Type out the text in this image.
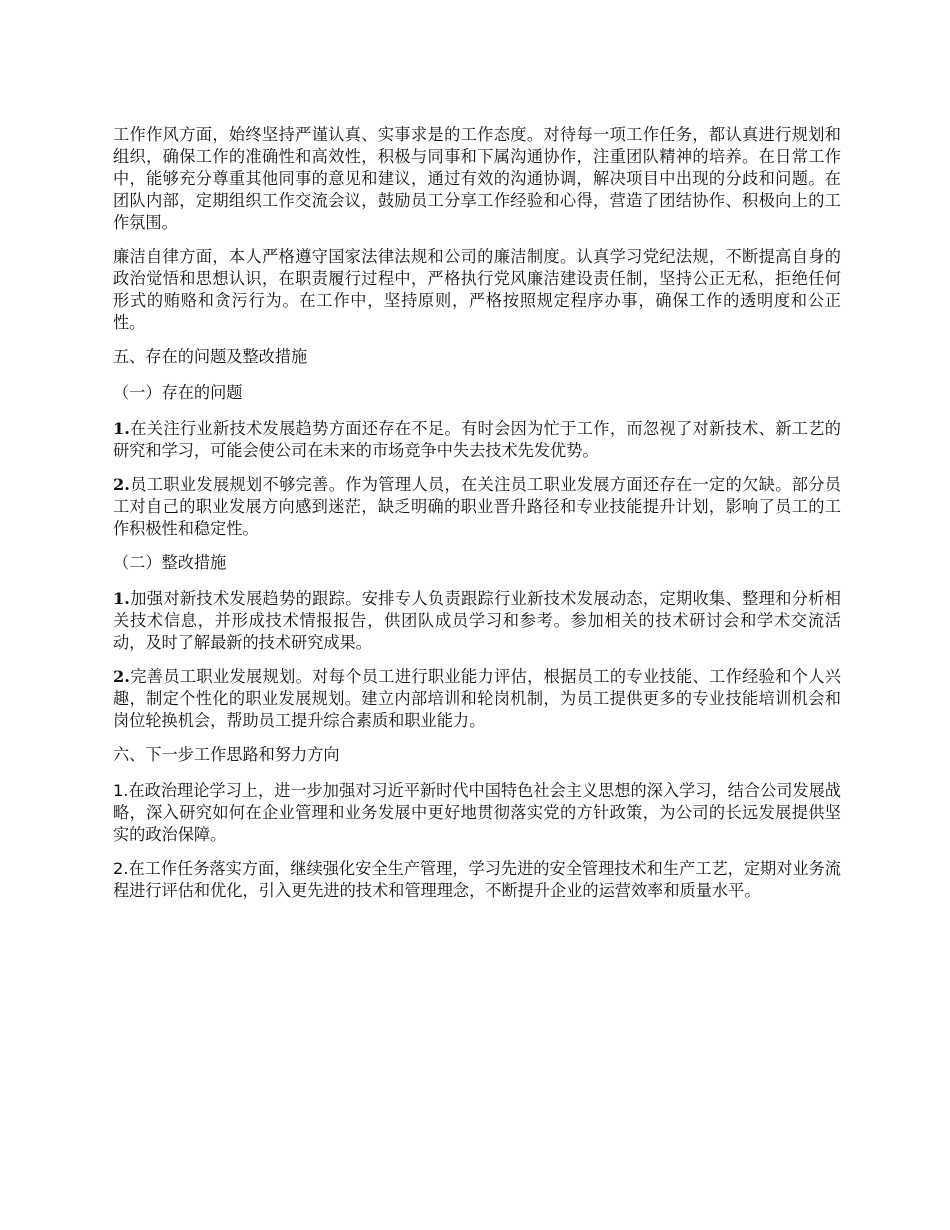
工作作风方面，始终坚持严谨认真、实事求是的工作态度。对待每一项工作任务，都认真进行规划和组织，确保工作的准确性和高效性，积极与同事和下属沟通协作，注重团队精神的培养。在日常工作中，能够充分尊重其他同事的意见和建议，通过有效的沟通协调，解决项目中出现的分歧和问题。在团队内部，定期组织工作交流会议，鼓励员工分享工作经验和心得，营造了团结协作、积极向上的工作氛围。

廉洁自律方面，本人严格遵守国家法律法规和公司的廉洁制度。认真学习党纪法规，不断提高自身的政治觉悟和思想认识，在职责履行过程中，严格执行党风廉洁建设责任制，坚持公正无私，拒绝任何形式的贿赂和贪污行为。在工作中，坚持原则，严格按照规定程序办事，确保工作的透明度和公正性。

五、存在的问题及整改措施

（一）存在的问题

1.在关注行业新技术发展趋势方面还存在不足。有时会因为忙于工作，而忽视了对新技术、新工艺的研究和学习，可能会使公司在未来的市场竞争中失去技术先发优势。

2.员工职业发展规划不够完善。作为管理人员，在关注员工职业发展方面还存在一定的欠缺。部分员工对自己的职业发展方向感到迷茫，缺乏明确的职业晋升路径和专业技能提升计划，影响了员工的工作积极性和稳定性。

（二）整改措施

1.加强对新技术发展趋势的跟踪。安排专人负责跟踪行业新技术发展动态，定期收集、整理和分析相关技术信息，并形成技术情报报告，供团队成员学习和参考。参加相关的技术研讨会和学术交流活动，及时了解最新的技术研究成果。

2.完善员工职业发展规划。对每个员工进行职业能力评估，根据员工的专业技能、工作经验和个人兴趣，制定个性化的职业发展规划。建立内部培训和轮岗机制，为员工提供更多的专业技能培训机会和岗位轮换机会，帮助员工提升综合素质和职业能力。

六、下一步工作思路和努力方向

1.在政治理论学习上，进一步加强对习近平新时代中国特色社会主义思想的深入学习，结合公司发展战略，深入研究如何在企业管理和业务发展中更好地贯彻落实党的方针政策，为公司的长远发展提供坚实的政治保障。

2.在工作任务落实方面，继续强化安全生产管理，学习先进的安全管理技术和生产工艺，定期对业务流程进行评估和优化，引入更先进的技术和管理理念，不断提升企业的运营效率和质量水平。
